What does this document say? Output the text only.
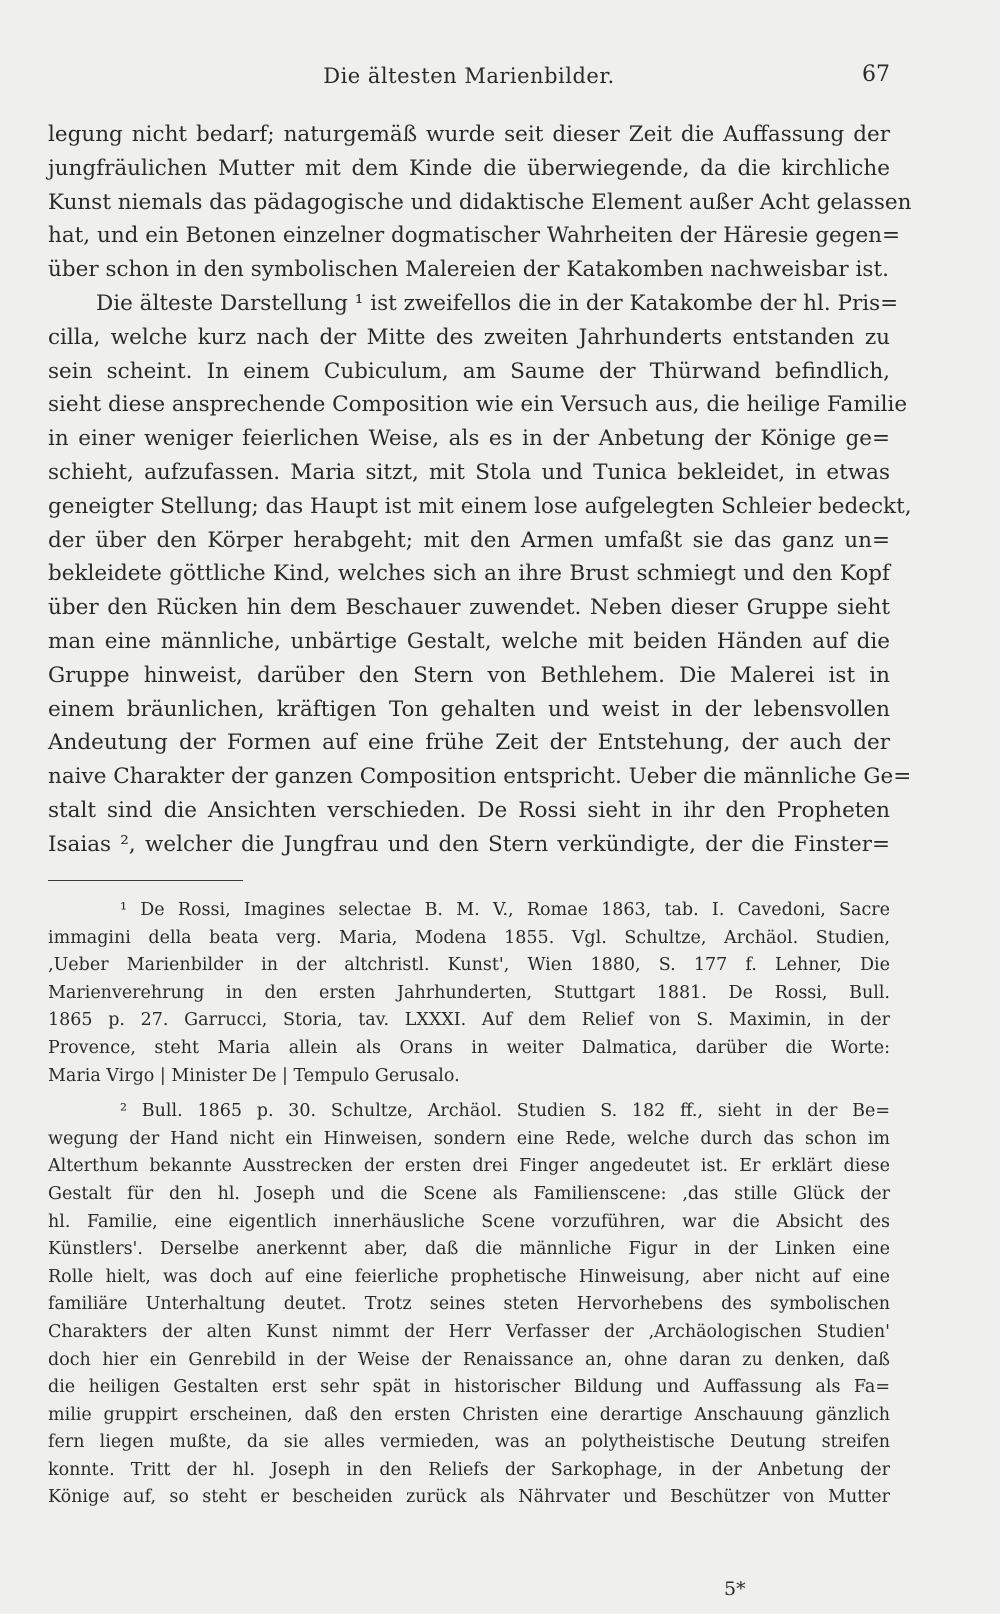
Die ältesten Marienbilder.	67
legung nicht bedarf; naturgemäß wurde seit dieser Zeit die Auffassung der
jungfräulichen Mutter mit dem Kinde die überwiegende, da die kirchliche
Kunst niemals das pädagogische und didaktische Element außer Acht gelassen
hat, und ein Betonen einzelner dogmatischer Wahrheiten der Häresie gegen=
über schon in den symbolischen Malereien der Katakomben nachweisbar ist.
Die älteste Darstellung ¹ ist zweifellos die in der Katakombe der hl. Pris=
cilla, welche kurz nach der Mitte des zweiten Jahrhunderts entstanden zu
sein scheint. In einem Cubiculum, am Saume der Thürwand befindlich,
sieht diese ansprechende Composition wie ein Versuch aus, die heilige Familie
in einer weniger feierlichen Weise, als es in der Anbetung der Könige ge=
schieht, aufzufassen. Maria sitzt, mit Stola und Tunica bekleidet, in etwas
geneigter Stellung; das Haupt ist mit einem lose aufgelegten Schleier bedeckt,
der über den Körper herabgeht; mit den Armen umfaßt sie das ganz un=
bekleidete göttliche Kind, welches sich an ihre Brust schmiegt und den Kopf
über den Rücken hin dem Beschauer zuwendet. Neben dieser Gruppe sieht
man eine männliche, unbärtige Gestalt, welche mit beiden Händen auf die
Gruppe hinweist, darüber den Stern von Bethlehem. Die Malerei ist in
einem bräunlichen, kräftigen Ton gehalten und weist in der lebensvollen
Andeutung der Formen auf eine frühe Zeit der Entstehung, der auch der
naive Charakter der ganzen Composition entspricht. Ueber die männliche Ge=
stalt sind die Ansichten verschieden. De Rossi sieht in ihr den Propheten
Isaias ², welcher die Jungfrau und den Stern verkündigte, der die Finster=
¹ De Rossi, Imagines selectae B. M. V., Romae 1863, tab. I. Cavedoni, Sacre
immagini della beata verg. Maria, Modena 1855. Vgl. Schultze, Archäol. Studien,
‚Ueber Marienbilder in der altchristl. Kunst', Wien 1880, S. 177 f. Lehner, Die
Marienverehrung in den ersten Jahrhunderten, Stuttgart 1881. De Rossi, Bull.
1865 p. 27. Garrucci, Storia, tav. LXXXI. Auf dem Relief von S. Maximin, in der
Provence, steht Maria allein als Orans in weiter Dalmatica, darüber die Worte:
Maria Virgo | Minister De | Tempulo Gerusalo.
² Bull. 1865 p. 30. Schultze, Archäol. Studien S. 182 ff., sieht in der Be=
wegung der Hand nicht ein Hinweisen, sondern eine Rede, welche durch das schon im
Alterthum bekannte Ausstrecken der ersten drei Finger angedeutet ist. Er erklärt diese
Gestalt für den hl. Joseph und die Scene als Familienscene: ‚das stille Glück der
hl. Familie, eine eigentlich innerhäusliche Scene vorzuführen, war die Absicht des
Künstlers'. Derselbe anerkennt aber, daß die männliche Figur in der Linken eine
Rolle hielt, was doch auf eine feierliche prophetische Hinweisung, aber nicht auf eine
familiäre Unterhaltung deutet. Trotz seines steten Hervorhebens des symbolischen
Charakters der alten Kunst nimmt der Herr Verfasser der ‚Archäologischen Studien'
doch hier ein Genrebild in der Weise der Renaissance an, ohne daran zu denken, daß
die heiligen Gestalten erst sehr spät in historischer Bildung und Auffassung als Fa=
milie gruppirt erscheinen, daß den ersten Christen eine derartige Anschauung gänzlich
fern liegen mußte, da sie alles vermieden, was an polytheistische Deutung streifen
konnte. Tritt der hl. Joseph in den Reliefs der Sarkophage, in der Anbetung der
Könige auf, so steht er bescheiden zurück als Nährvater und Beschützer von Mutter
5*
